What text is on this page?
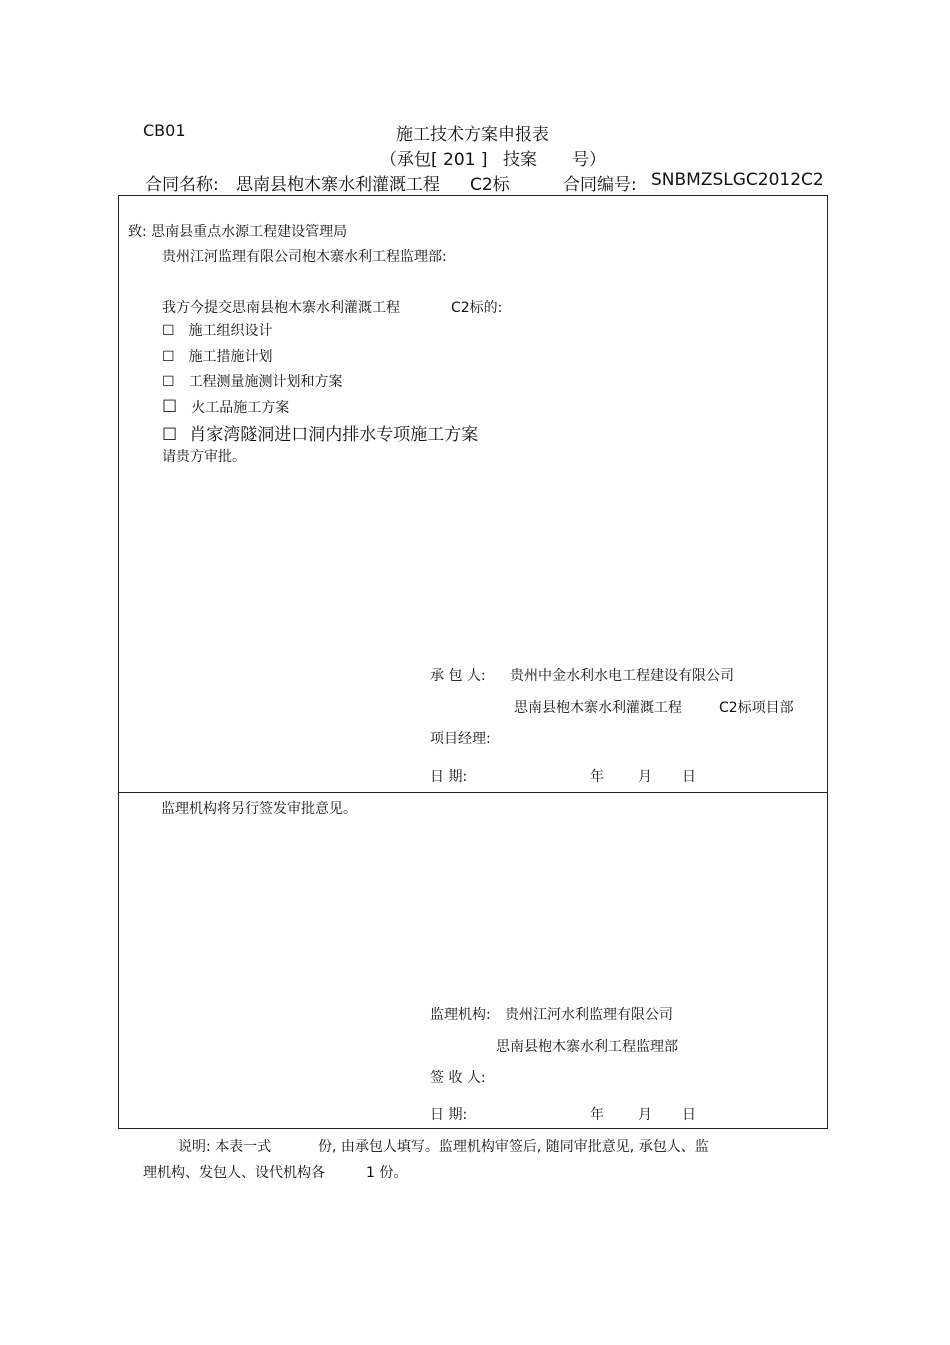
CB01	施工技术方案申报表
（承包[ 201 ] 技案 号）
合同名称: 思南县枹木寨水利灌溉工程 C2标	合同编号: SNBMZSLGC2012C2
致: 思南县重点水源工程建设管理局
贵州江河监理有限公司枹木寨水利工程监理部:
我方今提交思南县枹木寨水利灌溉工程	C2标的:
☐ 施工组织设计
☐ 施工措施计划
☐ 工程测量施测计划和方案
☐ 火工品施工方案
☐ 肖家湾隧洞进口洞内排水专项施工方案
请贵方审批。
承 包 人: 贵州中金水利水电工程建设有限公司
思南县枹木寨水利灌溉工程	C2标项目部
项目经理:
日 期:	年 月 日
监理机构将另行签发审批意见。
监理机构: 贵州江河水利监理有限公司
思南县枹木寨水利工程监理部
签 收 人:
日 期:	年 月 日
说明: 本表一式	份, 由承包人填写。监理机构审签后, 随同审批意见, 承包人、监
理机构、发包人、设代机构各	1 份。
